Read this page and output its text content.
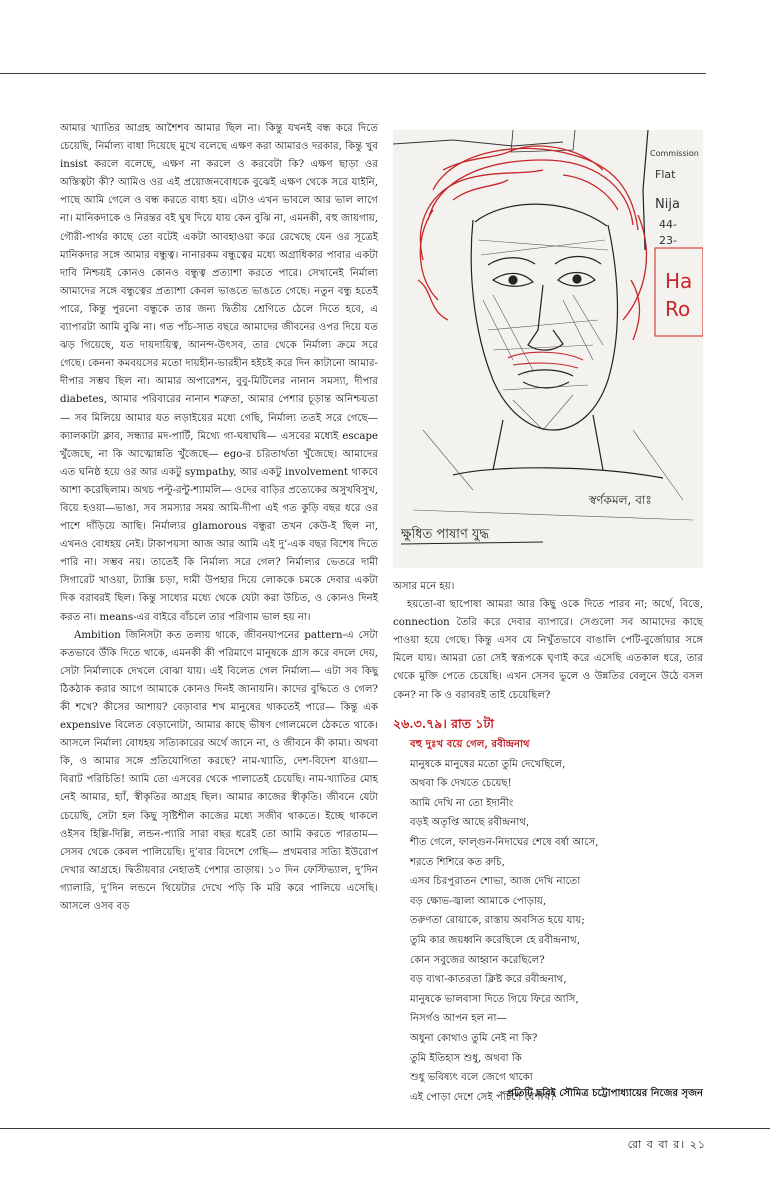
আমার খ্যাতির আগ্রহ আশৈশব আমার ছিল না। কিন্তু যখনই বন্ধ করে দিতে চেয়েছি, নির্মাল্য বাধা দিয়েছে মুখে বলেছে এক্ষণ করা আমারও দরকার, কিন্তু খুব insist করলে বলেছে, এক্ষণ না করলে ও করবেটা কি? এক্ষণ ছাড়া ওর অস্তিত্বটা কী? আমিও ওর এই প্রয়োজনবোধকে বুঝেই এক্ষণ থেকে সরে যাইনি, পাছে আমি গেলে ও বন্ধ করতে বাধ্য হয়। এটাও এখন ভাবলে আর ভাল লাগে না। মানিকদাকে ও নিরন্তর বই ঘুষ দিয়ে যায় কেন বুঝি না, এমনকী, বহু জায়গায়, গৌরী-পার্থর কাছে তো বটেই একটা আবহাওয়া করে রেখেছে যেন ওর সূত্রেই মানিকদার সঙ্গে আমার বন্ধুত্ব। নানারকম বন্ধুত্বের মধ্যে অগ্রাধিকার পাবার একটা দাবি নিশ্চয়ই কোনও কোনও বন্ধুত্ব প্রত্যাশা করতে পারে। সেখানেই নির্মাল্য আমাদের সঙ্গে বন্ধুত্বের প্রত্যাশা কেবল ভাঙতে ভাঙতে গেছে। নতুন বন্ধু হতেই পারে, কিন্তু পুরনো বন্ধুকে তার জন্য দ্বিতীয় শ্রেণিতে ঠেলে দিতে হবে, এ ব্যাপারটা আমি বুঝি না। গত পাঁচ-সাত বছরে আমাদের জীবনের ওপর দিয়ে যত ঝড় গিয়েছে, যত দায়দায়িত্ব, আনন্দ-উৎসব, তার থেকে নির্মাল্য ক্রমে সরে গেছে। কেননা কমবয়সের মতো দায়হীন-ভারহীন হইচই করে দিন কাটানো আমার-দীপার সম্ভব ছিল না। আমার অপারেশন, বুবু-মিটিলের নানান সমস্যা, দীপার diabetes, আমার পরিবারের নানান শত্রুতা, আমার পেশার চূড়ান্ত অনিশ্চয়তা— সব মিলিয়ে আমার যত লড়াইয়ের মধ্যে গেছি, নির্মাল্য ততই সরে গেছে— ক্যালকাটা ক্লাব, সন্ধ্যার মদ-পার্টি, মিথ্যে গা-ঘষাঘষি— এসবের মধ্যেই escape খুঁজেছে, না কি আত্মোন্নতি খুঁজেছে— ego-র চরিতার্থতা খুঁজেছে। আমাদের এত ঘনিষ্ঠ হয়ে ওর আর একটু sympathy, আর একটু involvement থাকবে আশা করেছিলাম। অথচ পল্টু-রন্টু-শ্যামলি— ওদের বাড়ির প্রত্যেকের অসুখবিসুখ, বিয়ে হওয়া—ভাঙা, সব সমস্যার সময় আমি-দীপা এই গত কুড়ি বছর ধরে ওর পাশে দাঁড়িয়ে আছি। নির্মাল্যর glamorous বন্ধুরা তখন কেউ-ই ছিল না, এখনও বোধহয় নেই। টাকাপয়সা আজ আর আমি এই দু’-এক বছর বিশেষ দিতে পারি না। সম্ভব নয়। তাতেই কি নির্মাল্য সরে গেল? নির্মাল্যর ভেতরে দামী সিগারেট খাওয়া, ট্যাক্সি চড়া, দামী উপহার দিয়ে লোককে চমকে দেবার একটা দিক বরাবরই ছিল। কিন্তু সাধ্যের মধ্যে থেকে যেটা করা উচিত, ও কোনও দিনই করত না। means-এর বাইরে বাঁচলে তার পরিণাম ভাল হয় না।

Ambition জিনিসটা কত তলায় থাকে, জীবনযাপনের pattern-এ সেটা কতভাবে উঁকি দিতে থাকে, এমনকী কী পরিমাণে মানুষকে গ্রাস করে বদলে দেয়, সেটা নির্মাল্যকে দেখলে বোঝা যায়। এই বিলেত গেল নির্মাল্য— এটা সব কিছু ঠিকঠাক করার আগে আমাকে কোনও দিনই জানায়নি। কাদের বুদ্ধিতে ও গেল? কী শখে? কীসের আশায়? বেড়াবার শখ মানুষের থাকতেই পারে— কিন্তু এক expensive বিলেত বেড়ানোটা, আমার কাছে ভীষণ গোলমেলে ঠেকতে থাকে। আসলে নির্মাল্য বোধহয় সত্যিকারের অর্থে জানে না, ও জীবনে কী কাম্য। অথবা কি, ও আমার সঙ্গে প্রতিযোগিতা করছে? নাম-খ্যাতি, দেশ-বিদেশ যাওয়া— বিরাট পরিচিতি! আমি তো এসবের থেকে পালাতেই চেয়েছি। নাম-খ্যাতির মোহ নেই আমার, হ্যাঁ, স্বীকৃতির আগ্রহ ছিল। আমার কাজের স্বীকৃতি। জীবনে যেটা চেয়েছি, সেটা হল কিছু সৃষ্টিশীল কাজের মধ্যে সজীব থাকতে। ইচ্ছে থাকলে ওইসব হিল্লি-দিল্লি, লন্ডন-প্যারি সারা বছর ধরেই তো আমি করতে পারতাম— সেসব থেকে কেবল পালিয়েছি। দু’বার বিদেশে গেছি— প্রথমবার সত্যি ইউরোপ দেখার আগ্রহে। দ্বিতীয়বার নেহাতই পেশার তাড়ায়। ১০ দিন ফেস্টিভ্যাল, দু’দিন গ্যালারি, দু’দিন লন্ডনে থিয়েটার দেখে পড়ি কি মরি করে পালিয়ে এসেছি। আসলে ওসব বড়

Commission
Flat
Nija
44-
23-
Ha
Ro
ক্ষুধিত পাষাণ যুদ্ধ
স্বর্ণকমল, বাঃ

অসার মনে হয়।

হয়তো-বা ছাপোষা আমরা আর কিছু ওকে দিতে পারব না; অর্থে, বিত্তে, connection তৈরি করে দেবার ব্যাপারে। সেগুলো সব আমাদের কাছে পাওয়া হয়ে গেছে। কিন্তু এসব যে নিখুঁতভাবে বাঙালি পেটি-বুর্জোয়ার সঙ্গে মিলে যায়। আমরা তো সেই স্বরূপকে ঘৃণাই করে এসেছি এতকাল ধরে, তার থেকে মুক্তি পেতে চেয়েছি। এখন সেসব ভুলে ও উন্নতির বেলুনে উঠে বসল কেন? না কি ও বরাবরই তাই চেয়েছিল?

২৬.৩.৭৯। রাত ১টা
বহু দুঃখ বয়ে গেল, রবীন্দ্রনাথ
মানুষকে মানুষের মতো তুমি দেখেছিলে,
অথবা কি দেখতে চেয়েছ!
আমি দেখি না তো ইদানীং
বড়ই অতৃপ্তি আছে রবীন্দ্রনাথ,
শীত গেলে, ফাল্গুন-নিদাঘের শেষে বর্ষা আসে,
শরতে শিশিরে কত রুচি,
এসব চিরপুরাতন শোভা, আজ দেখি নাতো
বড় ক্ষোভ-জ্বালা আমাকে পোড়ায়,
তরুণতা রোয়াকে, রাস্তায় অবসিত হয়ে যায়;
তুমি কার জয়ধ্বনি করেছিলে হে রবীন্দ্রনাথ,
কোন সবুজের আহ্বান করেছিলে?
বড় ব্যথা-কাতরতা ক্লিষ্ট করে রবীন্দ্রনাথ,
মানুষকে ভালবাসা দিতে গিয়ে ফিরে আসি,
নিসর্গও আপন হল না—
অধুনা কোথাও তুমি নেই না কি?
তুমি ইতিহাস শুধু, অথবা কি
শুধু ভবিষ্যৎ বলে জেগে থাকো
এই পোড়া দেশে সেই পঁচিশে বৈশাখ?
প্রতিটি ছবিই সৌমিত্র চট্টোপাধ্যায়ের নিজের সৃজন
রো ব বা র। ২১
